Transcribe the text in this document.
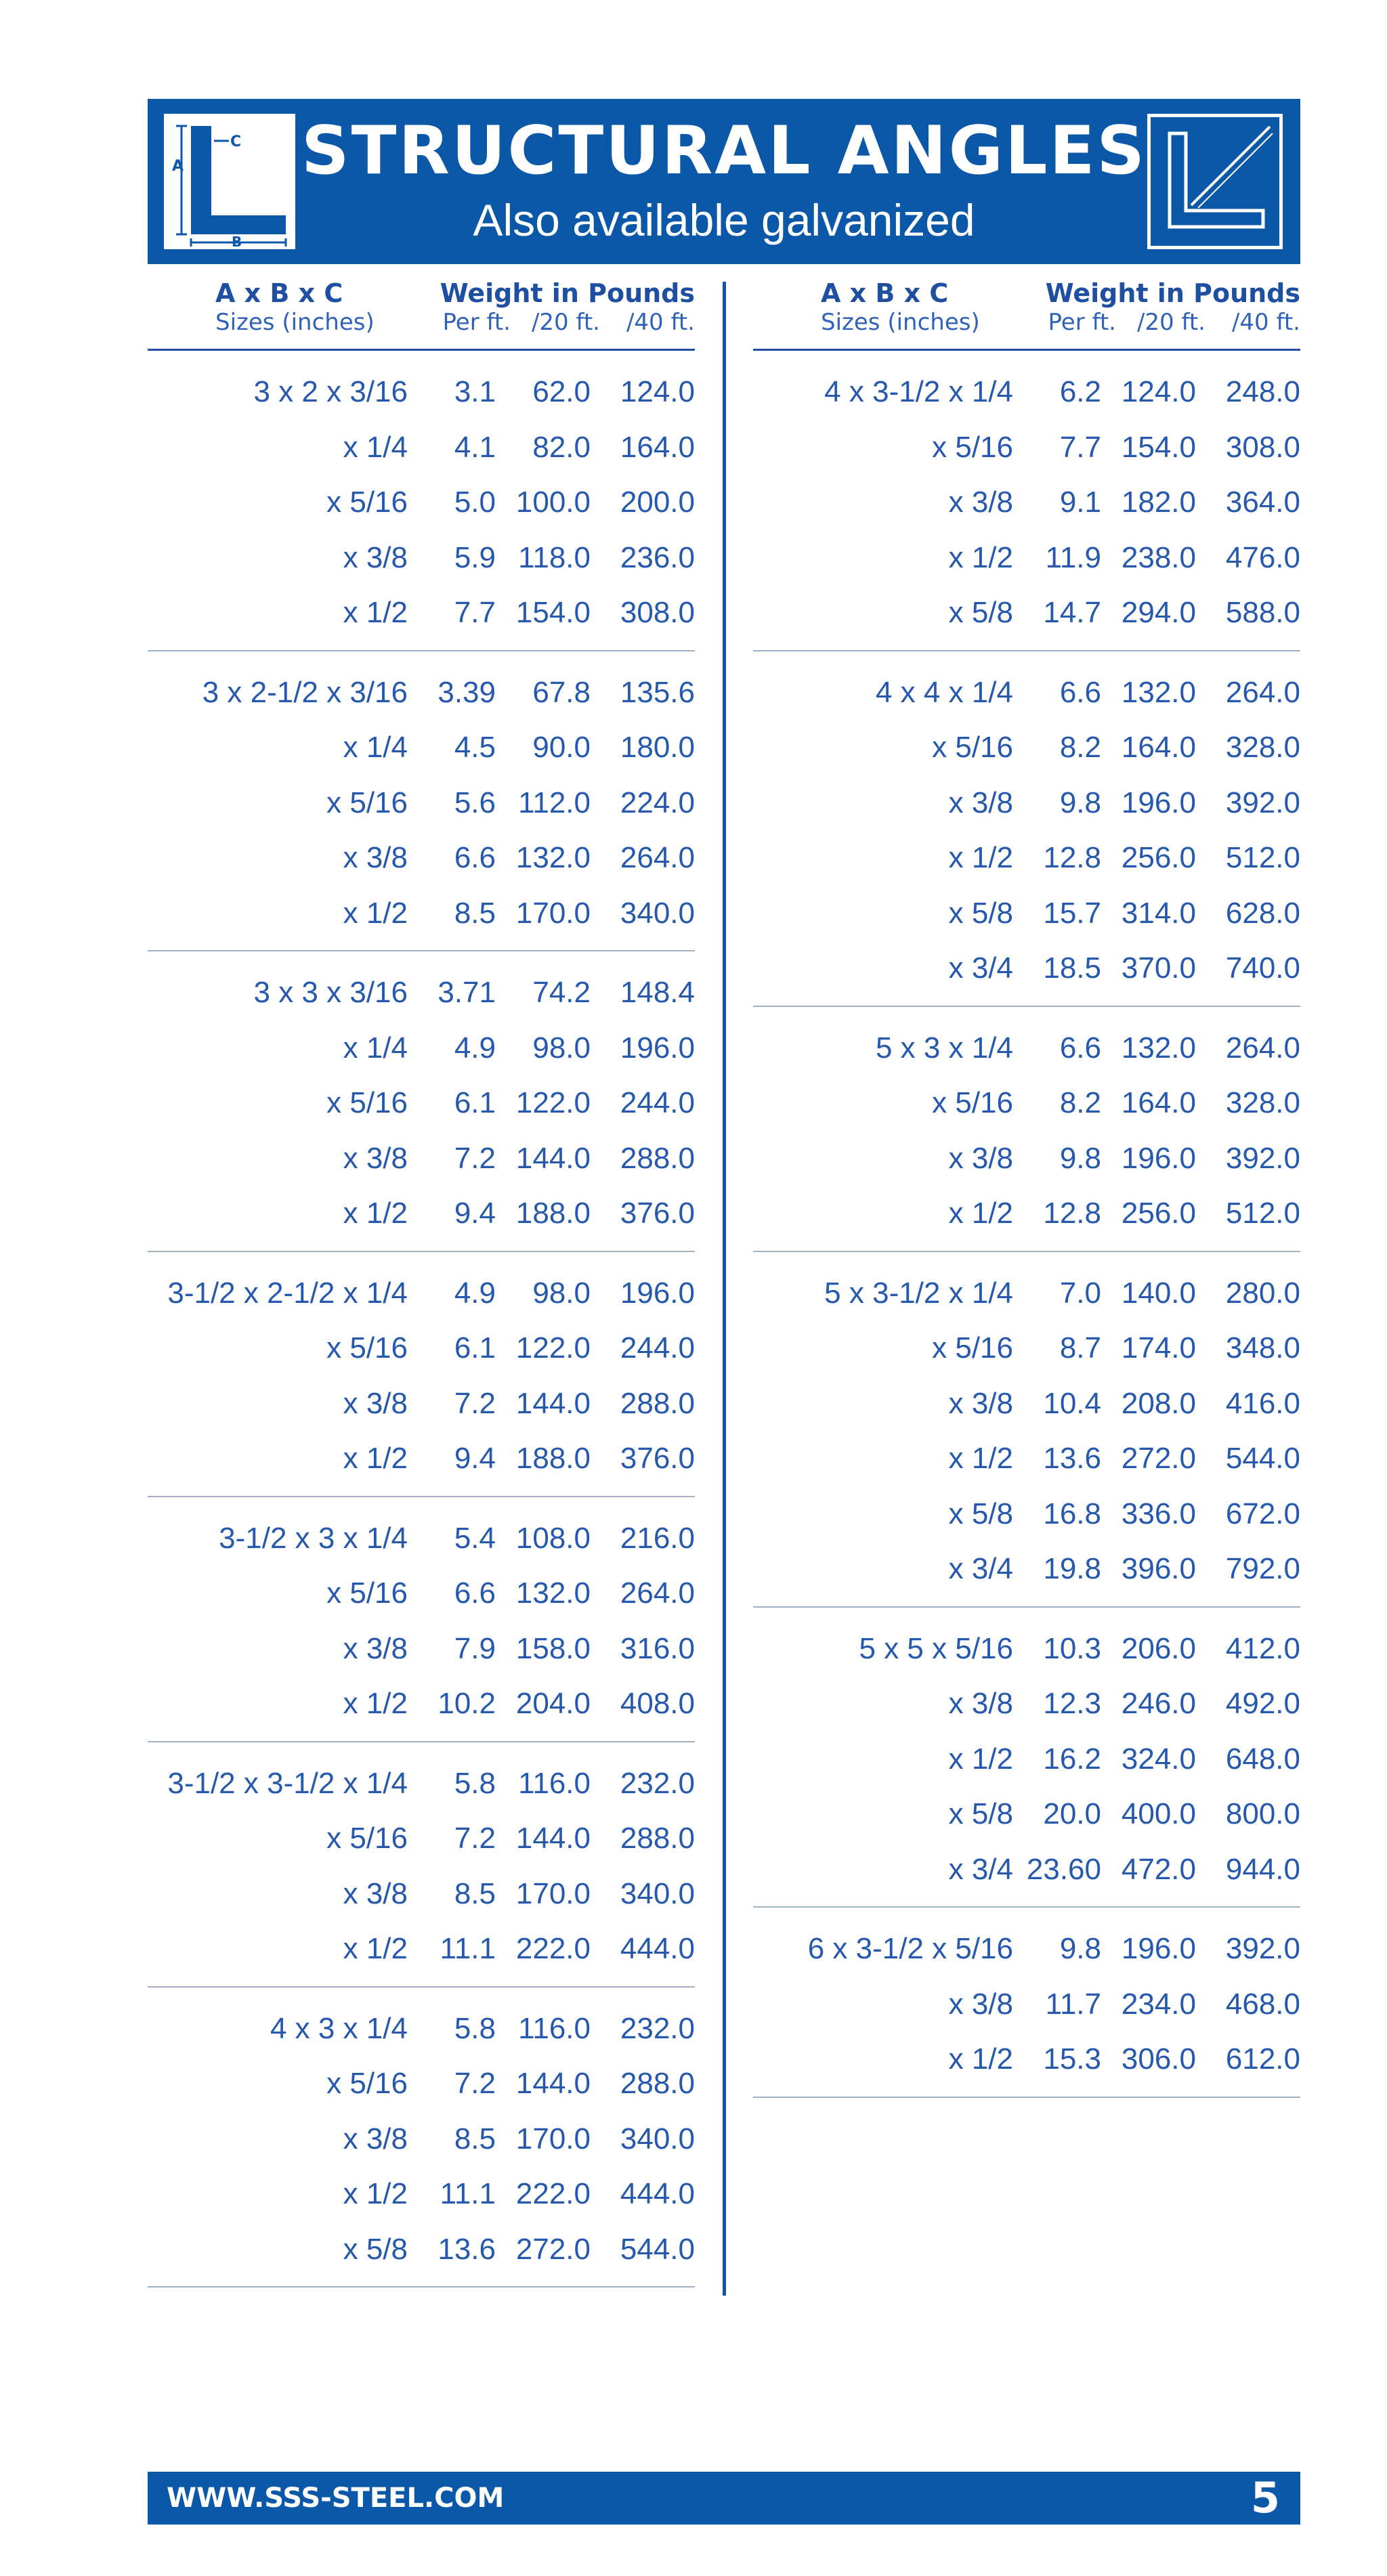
A
B
C STRUCTURAL ANGLES
Also available galvanized
A x B x C
Sizes (inches)
Weight in Pounds
Per ft. /20 ft. /40 ft.
3 x 2 x 3/16 3.1 62.0 124.0
x 1/4 4.1 82.0 164.0
x 5/16 5.0 100.0 200.0
x 3/8 5.9 118.0 236.0
x 1/2 7.7 154.0 308.0
3 x 2-1/2 x 3/16 3.39 67.8 135.6
x 1/4 4.5 90.0 180.0
x 5/16 5.6 112.0 224.0
x 3/8 6.6 132.0 264.0
x 1/2 8.5 170.0 340.0
3 x 3 x 3/16 3.71 74.2 148.4
x 1/4 4.9 98.0 196.0
x 5/16 6.1 122.0 244.0
x 3/8 7.2 144.0 288.0
x 1/2 9.4 188.0 376.0
3-1/2 x 2-1/2 x 1/4 4.9 98.0 196.0
x 5/16 6.1 122.0 244.0
x 3/8 7.2 144.0 288.0
x 1/2 9.4 188.0 376.0
3-1/2 x 3 x 1/4 5.4 108.0 216.0
x 5/16 6.6 132.0 264.0
x 3/8 7.9 158.0 316.0
x 1/2 10.2 204.0 408.0
3-1/2 x 3-1/2 x 1/4 5.8 116.0 232.0
x 5/16 7.2 144.0 288.0
x 3/8 8.5 170.0 340.0
x 1/2 11.1 222.0 444.0
4 x 3 x 1/4 5.8 116.0 232.0
x 5/16 7.2 144.0 288.0
x 3/8 8.5 170.0 340.0
x 1/2 11.1 222.0 444.0
x 5/8 13.6 272.0 544.0
A x B x C
Sizes (inches)
Weight in Pounds
Per ft. /20 ft. /40 ft.
4 x 3-1/2 x 1/4 6.2 124.0 248.0
x 5/16 7.7 154.0 308.0
x 3/8 9.1 182.0 364.0
x 1/2 11.9 238.0 476.0
x 5/8 14.7 294.0 588.0
4 x 4 x 1/4 6.6 132.0 264.0
x 5/16 8.2 164.0 328.0
x 3/8 9.8 196.0 392.0
x 1/2 12.8 256.0 512.0
x 5/8 15.7 314.0 628.0
x 3/4 18.5 370.0 740.0
5 x 3 x 1/4 6.6 132.0 264.0
x 5/16 8.2 164.0 328.0
x 3/8 9.8 196.0 392.0
x 1/2 12.8 256.0 512.0
5 x 3-1/2 x 1/4 7.0 140.0 280.0
x 5/16 8.7 174.0 348.0
x 3/8 10.4 208.0 416.0
x 1/2 13.6 272.0 544.0
x 5/8 16.8 336.0 672.0
x 3/4 19.8 396.0 792.0
5 x 5 x 5/16 10.3 206.0 412.0
x 3/8 12.3 246.0 492.0
x 1/2 16.2 324.0 648.0
x 5/8 20.0 400.0 800.0
x 3/4 23.60 472.0 944.0
6 x 3-1/2 x 5/16 9.8 196.0 392.0
x 3/8 11.7 234.0 468.0
x 1/2 15.3 306.0 612.0
WWW.SSS-STEEL.COM	5
